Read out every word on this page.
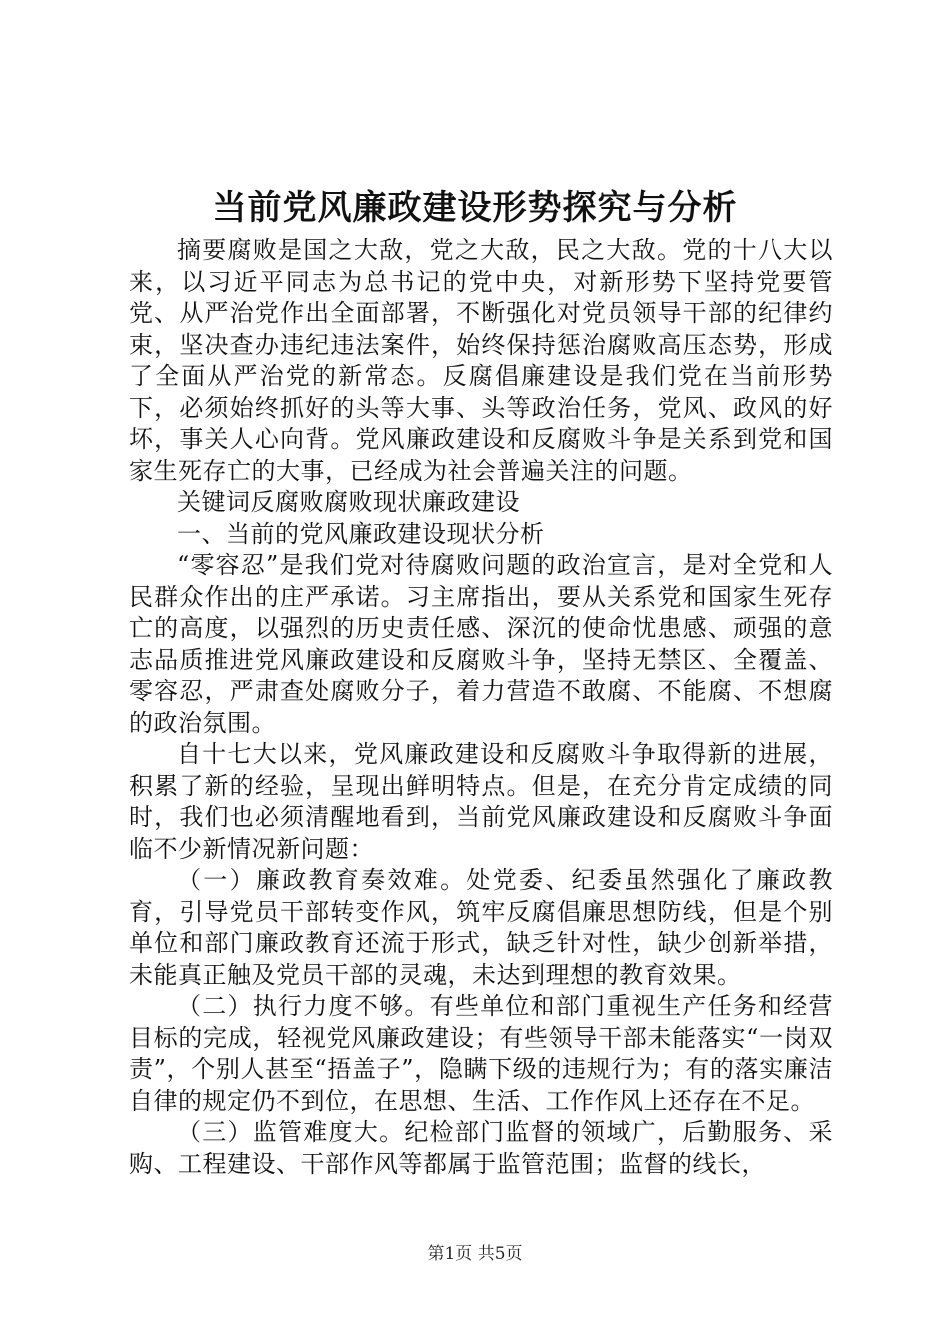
当前党风廉政建设形势探究与分析

摘要腐败是国之大敌，党之大敌，民之大敌。党的十八大以来，以习近平同志为总书记的党中央，对新形势下坚持党要管党、从严治党作出全面部署，不断强化对党员领导干部的纪律约束，坚决查办违纪违法案件，始终保持惩治腐败高压态势，形成了全面从严治党的新常态。反腐倡廉建设是我们党在当前形势下，必须始终抓好的头等大事、头等政治任务，党风、政风的好坏，事关人心向背。党风廉政建设和反腐败斗争是关系到党和国家生死存亡的大事，已经成为社会普遍关注的问题。

关键词反腐败腐败现状廉政建设

一、当前的党风廉政建设现状分析

“零容忍”是我们党对待腐败问题的政治宣言，是对全党和人民群众作出的庄严承诺。习主席指出，要从关系党和国家生死存亡的高度，以强烈的历史责任感、深沉的使命忧患感、顽强的意志品质推进党风廉政建设和反腐败斗争，坚持无禁区、全覆盖、零容忍，严肃查处腐败分子，着力营造不敢腐、不能腐、不想腐的政治氛围。

自十七大以来，党风廉政建设和反腐败斗争取得新的进展，积累了新的经验，呈现出鲜明特点。但是，在充分肯定成绩的同时，我们也必须清醒地看到，当前党风廉政建设和反腐败斗争面临不少新情况新问题：

（一）廉政教育奏效难。处党委、纪委虽然强化了廉政教育，引导党员干部转变作风，筑牢反腐倡廉思想防线，但是个别单位和部门廉政教育还流于形式，缺乏针对性，缺少创新举措，未能真正触及党员干部的灵魂，未达到理想的教育效果。

（二）执行力度不够。有些单位和部门重视生产任务和经营目标的完成，轻视党风廉政建设；有些领导干部未能落实“一岗双责”，个别人甚至“捂盖子”，隐瞒下级的违规行为；有的落实廉洁自律的规定仍不到位，在思想、生活、工作作风上还存在不足。

（三）监管难度大。纪检部门监督的领域广，后勤服务、采购、工程建设、干部作风等都属于监管范围；监督的线长，

第1页 共5页
